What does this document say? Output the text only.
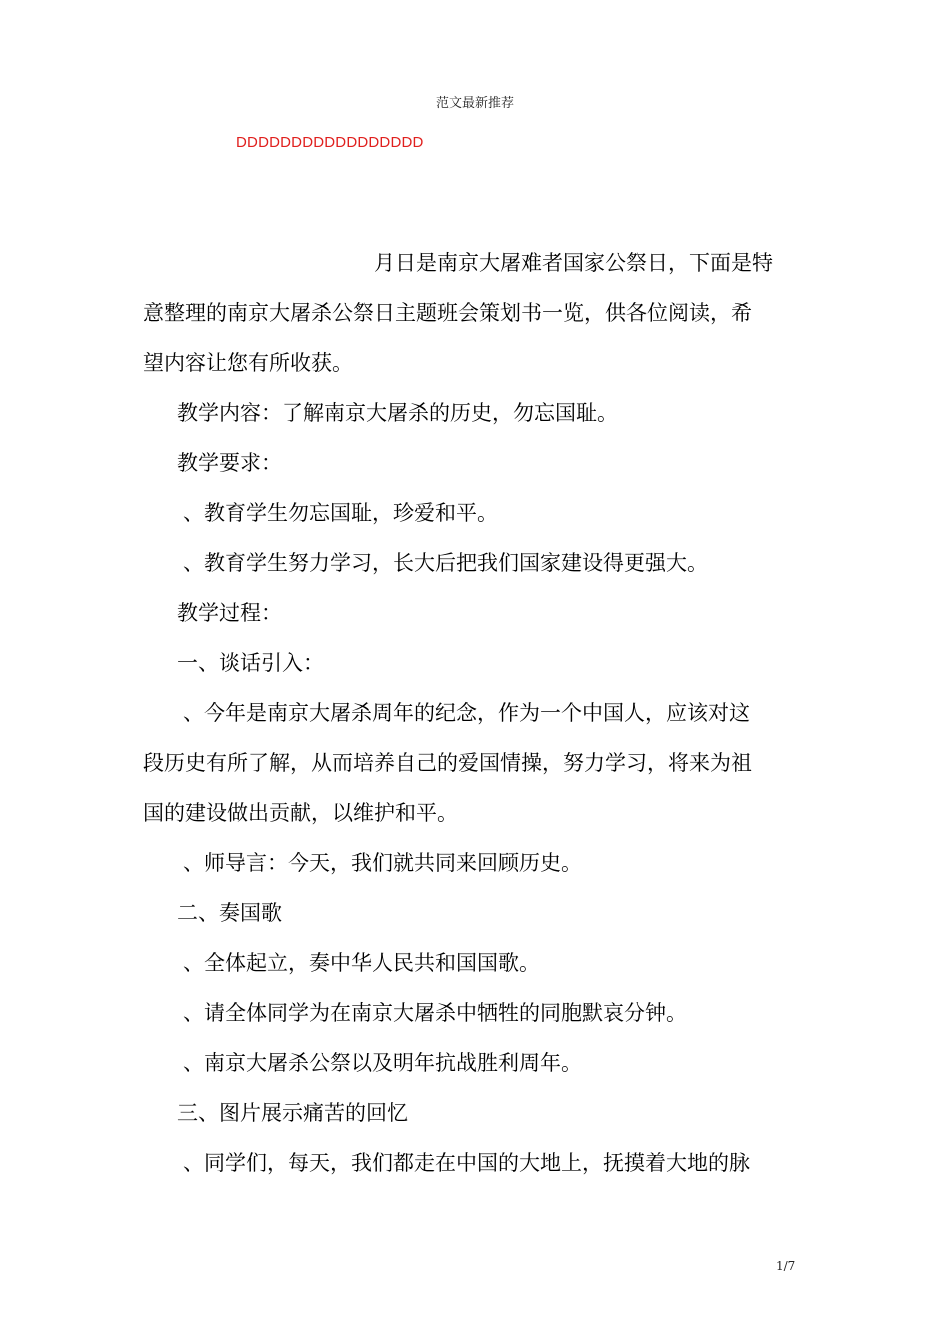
范文最新推荐
DDDDDDDDDDDDDDDDD
月日是南京大屠难者国家公祭日，下面是特
意整理的南京大屠杀公祭日主题班会策划书一览，供各位阅读，希
望内容让您有所收获。
教学内容：了解南京大屠杀的历史，勿忘国耻。
教学要求：
、教育学生勿忘国耻，珍爱和平。
、教育学生努力学习，长大后把我们国家建设得更强大。
教学过程：
一、谈话引入：
、今年是南京大屠杀周年的纪念，作为一个中国人，应该对这
段历史有所了解，从而培养自己的爱国情操，努力学习，将来为祖
国的建设做出贡献，以维护和平。
、师导言：今天，我们就共同来回顾历史。
二、奏国歌
、全体起立，奏中华人民共和国国歌。
、请全体同学为在南京大屠杀中牺牲的同胞默哀分钟。
、南京大屠杀公祭以及明年抗战胜利周年。
三、图片展示痛苦的回忆
、同学们，每天，我们都走在中国的大地上，抚摸着大地的脉
1/7
